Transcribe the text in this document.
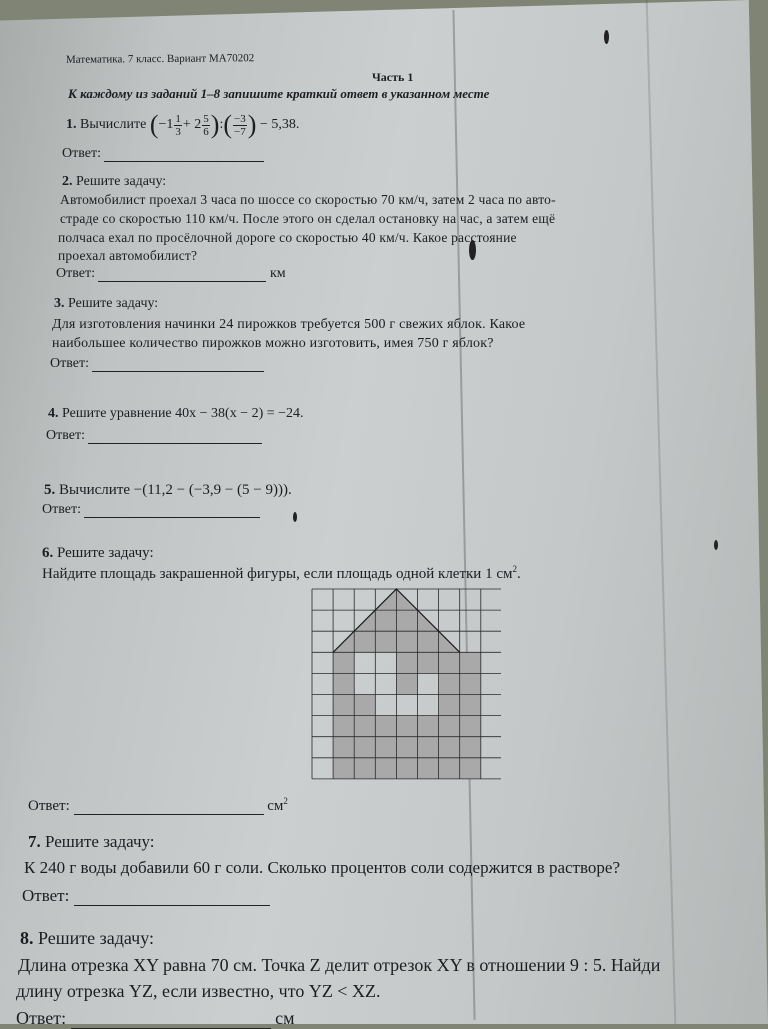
Математика. 7 класс. Вариант МА70202
Часть 1
К каждому из заданий 1–8 запишите краткий ответ в указанном месте
1. Вычислите ($-1 \frac{1}{3} + 2 \frac{5}{6}$ ):( $\frac{-3}{-7}$ ) − 5,38.
Ответ:
2. Решите задачу:
Автомобилист проехал 3 часа по шоссе со скоростью 70 км/ч, затем 2 часа по авто-
страде со скоростью 110 км/ч. После этого он сделал остановку на час, а затем ещё
полчаса ехал по просёлочной дороге со скоростью 40 км/ч. Какое расстояние
проехал автомобилист?
Ответ:	км
3. Решите задачу:
Для изготовления начинки 24 пирожков требуется 500 г свежих яблок. Какое
наибольшее количество пирожков можно изготовить, имея 750 г яблок?
Ответ:
4. Решите уравнение 40x − 38(x − 2) = −24.
Ответ:
5. Вычислите −(11,2 − (−3,9 − (5 − 9))).
Ответ:
6. Решите задачу:
Найдите площадь закрашенной фигуры, если площадь одной клетки 1 $см^2$.
Ответ:	$см^2$
7. Решите задачу:
К 240 г воды добавили 60 г соли. Сколько процентов соли содержится в растворе?
Ответ:
8. Решите задачу:
Длина отрезка XY равна 70 см. Точка Z делит отрезок XY в отношении 9 : 5. Найди
длину отрезка YZ, если известно, что YZ < XZ.
Ответ:	см
